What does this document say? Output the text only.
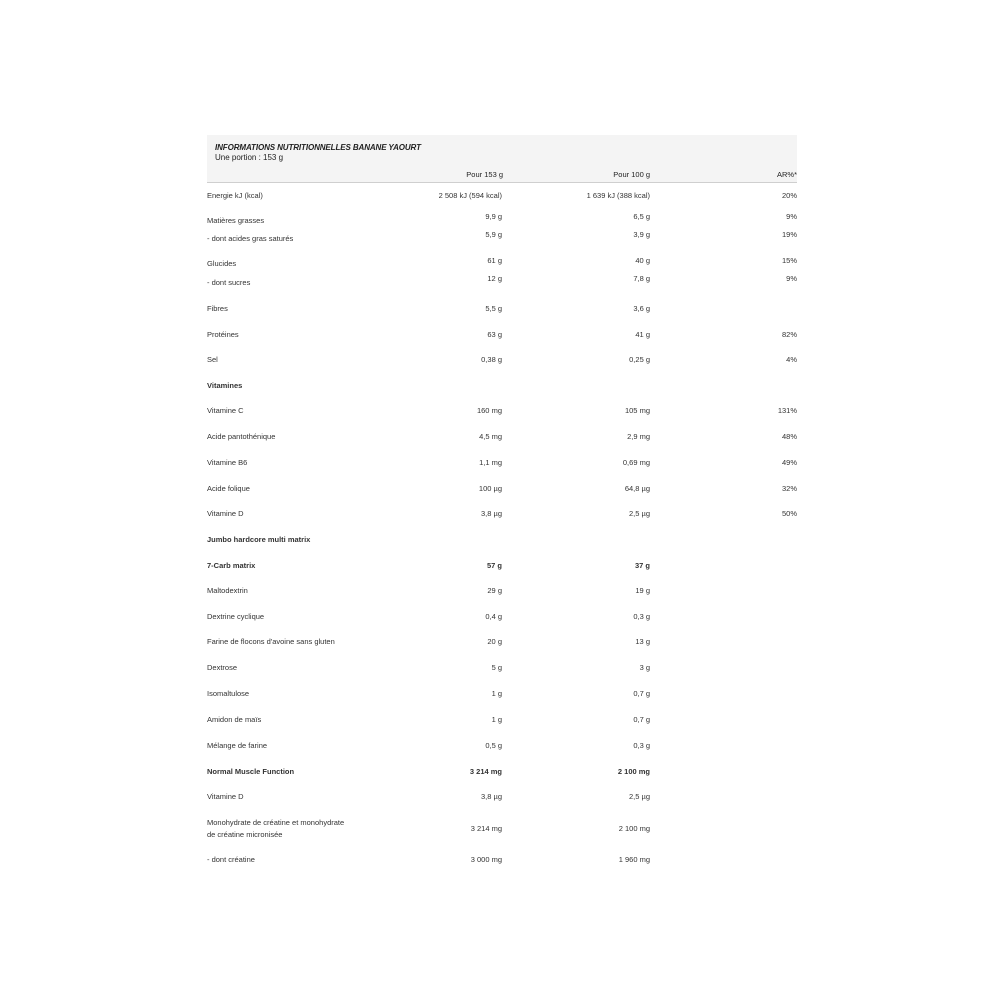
INFORMATIONS NUTRITIONNELLES BANANE YAOURT
Une portion : 153 g
Pour 153 g	Pour 100 g	AR%*
Energie kJ (kcal)	2 508 kJ (594 kcal)	1 639 kJ (388 kcal)	20%
Matières grasses	9,9 g	6,5 g	9%
- dont acides gras saturés	5,9 g	3,9 g	19%
Glucides	61 g	40 g	15%
- dont sucres	12 g	7,8 g	9%
Fibres	5,5 g	3,6 g
Protéines	63 g	41 g	82%
Sel	0,38 g	0,25 g	4%
Vitamines
Vitamine C	160 mg	105 mg	131%
Acide pantothénique	4,5 mg	2,9 mg	48%
Vitamine B6	1,1 mg	0,69 mg	49%
Acide folique	100 µg	64,8 µg	32%
Vitamine D	3,8 µg	2,5 µg	50%
Jumbo hardcore multi matrix
7-Carb matrix	57 g	37 g
Maltodextrin	29 g	19 g
Dextrine cyclique	0,4 g	0,3 g
Farine de flocons d'avoine sans gluten	20 g	13 g
Dextrose	5 g	3 g
Isomaltulose	1 g	0,7 g
Amidon de maïs	1 g	0,7 g
Mélange de farine	0,5 g	0,3 g
Normal Muscle Function	3 214 mg	2 100 mg
Vitamine D	3,8 µg	2,5 µg
Monohydrate de créatine et monohydrate
de créatine micronisée
3 214 mg	2 100 mg
- dont créatine	3 000 mg	1 960 mg
